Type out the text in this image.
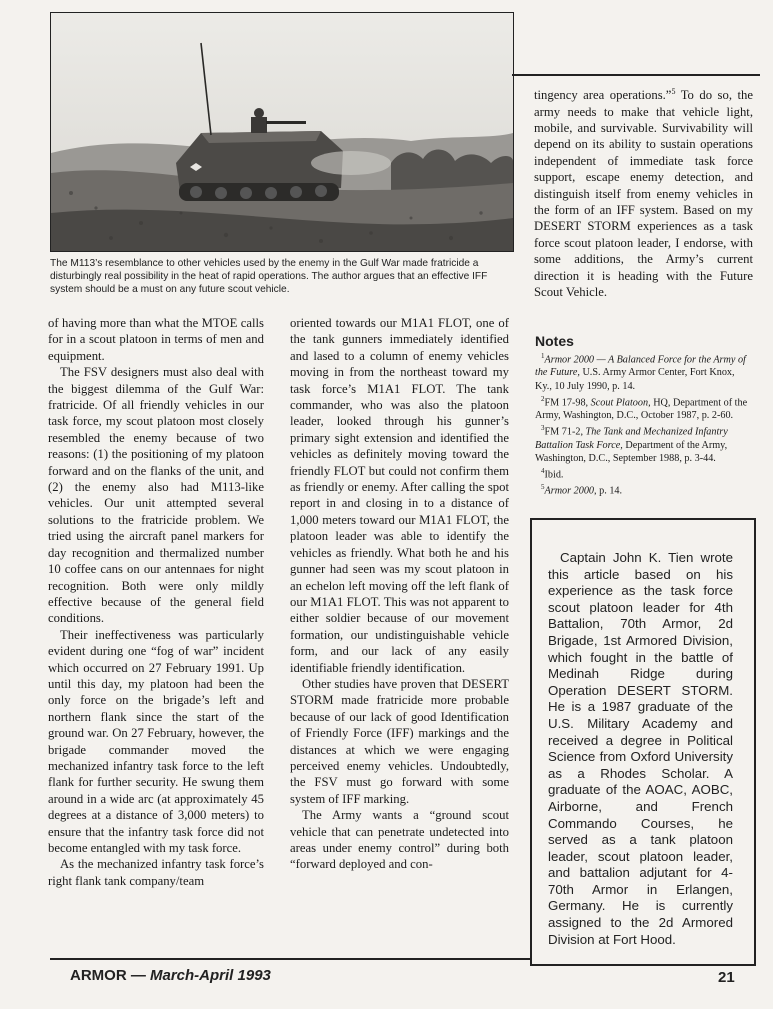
The M113’s resemblance to other vehicles used by the enemy in the Gulf War made fratricide a disturbingly real possibility in the heat of rapid operations. The author argues that an effective IFF system should be a must on any future scout vehicle.

of having more than what the MTOE calls for in a scout platoon in terms of men and equipment.

The FSV designers must also deal with the biggest dilemma of the Gulf War: fratricide. Of all friendly vehicles in our task force, my scout platoon most closely resembled the enemy because of two reasons: (1) the positioning of my platoon forward and on the flanks of the unit, and (2) the enemy also had M113-like vehicles. Our unit attempted several solutions to the fratricide problem. We tried using the aircraft panel markers for day recognition and thermalized number 10 coffee cans on our antennaes for night recognition. Both were only mildly effective because of the general field conditions.

Their ineffectiveness was particularly evident during one “fog of war” incident which occurred on 27 February 1991. Up until this day, my platoon had been the only force on the brigade’s left and northern flank since the start of the ground war. On 27 February, however, the brigade commander moved the mechanized infantry task force to the left flank for further security. He swung them around in a wide arc (at approximately 45 degrees at a distance of 3,000 meters) to ensure that the infantry task force did not become entangled with my task force.

As the mechanized infantry task force’s right flank tank company/team

oriented towards our M1A1 FLOT, one of the tank gunners immediately identified and lased to a column of enemy vehicles moving in from the northeast toward my task force’s M1A1 FLOT. The tank commander, who was also the platoon leader, looked through his gunner’s primary sight extension and identified the vehicles as definitely moving toward the friendly FLOT but could not confirm them as friendly or enemy. After calling the spot report in and closing in to a distance of 1,000 meters toward our M1A1 FLOT, the platoon leader was able to identify the vehicles as friendly. What both he and his gunner had seen was my scout platoon in an echelon left moving off the left flank of our M1A1 FLOT. This was not apparent to either soldier because of our movement formation, our undistinguishable vehicle form, and our lack of any easily identifiable friendly identification.

Other studies have proven that DESERT STORM made fratricide more probable because of our lack of good Identification of Friendly Force (IFF) markings and the distances at which we were engaging perceived enemy vehicles. Undoubtedly, the FSV must go forward with some system of IFF marking.

The Army wants a “ground scout vehicle that can penetrate undetected into areas under enemy control” during both “forward deployed and con-

tingency area operations.”$^5$ To do so, the army needs to make that vehicle light, mobile, and survivable. Survivability will depend on its ability to sustain operations independent of immediate task force support, escape enemy detection, and distinguish itself from enemy vehicles in the form of an IFF system. Based on my DESERT STORM experiences as a task force scout platoon leader, I endorse, with some additions, the Army’s current direction it is heading with the Future Scout Vehicle.

Notes

$^1$Armor 2000 — A Balanced Force for the Army of the Future, U.S. Army Armor Center, Fort Knox, Ky., 10 July 1990, p. 14.

$^2$FM 17-98, Scout Platoon, HQ, Department of the Army, Washington, D.C., October 1987, p. 2-60.

$^3$FM 71-2, The Tank and Mechanized Infantry Battalion Task Force, Department of the Army, Washington, D.C., September 1988, p. 3-44.

$^4$Ibid.

$^5$Armor 2000, p. 14.

Captain John K. Tien wrote this article based on his experience as the task force scout platoon leader for 4th Battalion, 70th Armor, 2d Brigade, 1st Armored Division, which fought in the battle of Medinah Ridge during Operation DESERT STORM. He is a 1987 graduate of the U.S. Military Academy and received a degree in Political Science from Oxford University as a Rhodes Scholar. A graduate of the AOAC, AOBC, Airborne, and French Commando Courses, he served as a tank platoon leader, scout platoon leader, and battalion adjutant for 4-70th Armor in Erlangen, Germany. He is currently assigned to the 2d Armored Division at Fort Hood.

ARMOR — March-April 1993	21
